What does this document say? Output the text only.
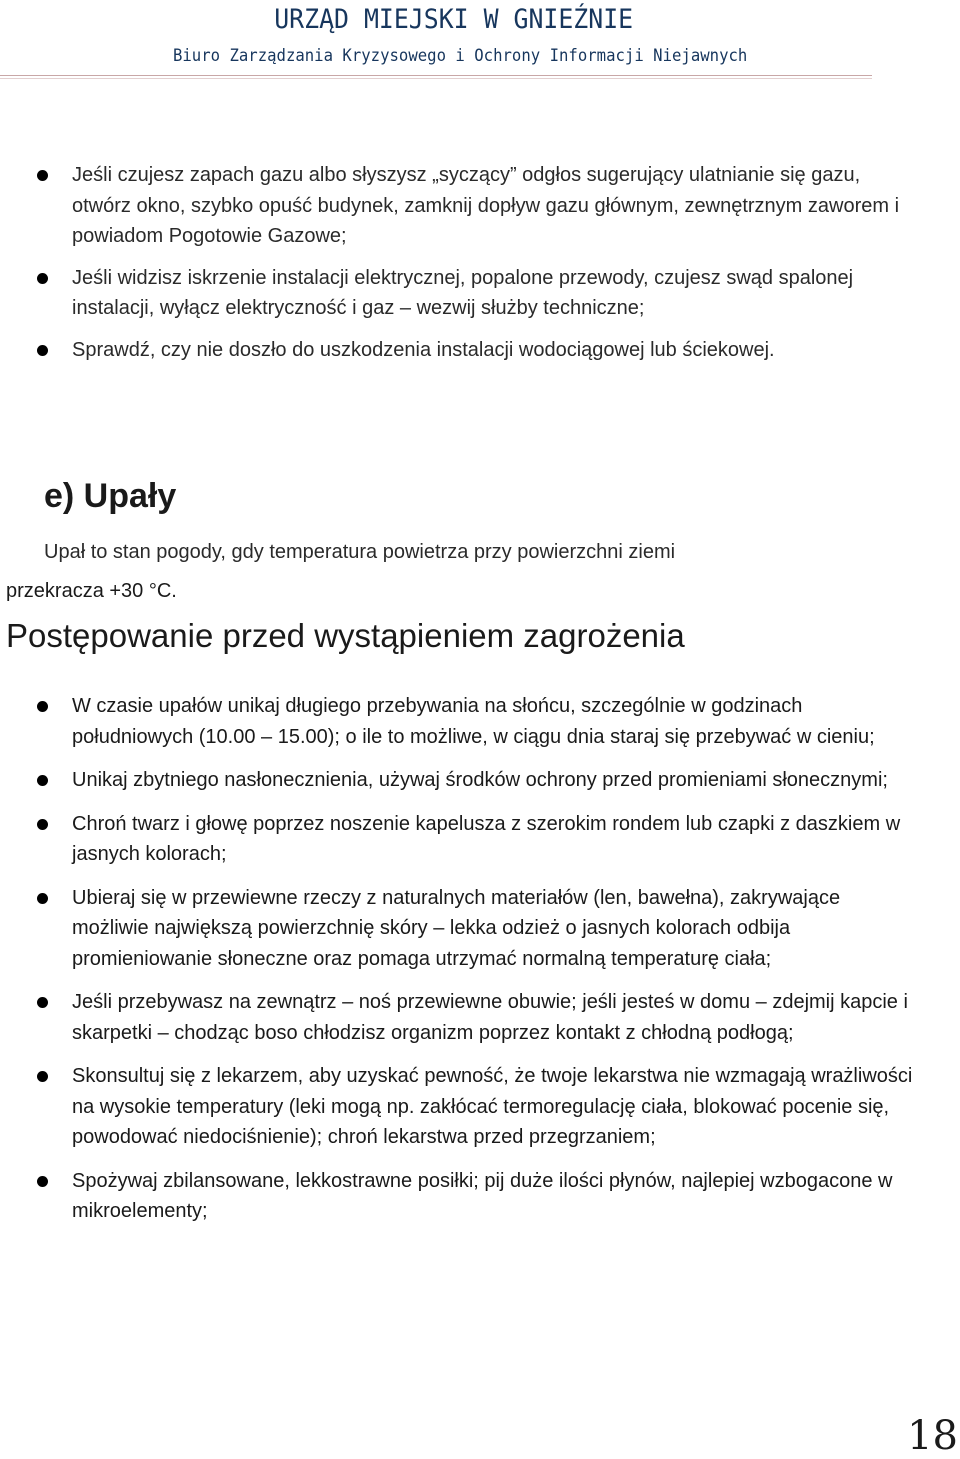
URZĄD MIEJSKI W GNIEŹNIE
Biuro Zarządzania Kryzysowego i Ochrony Informacji Niejawnych
Jeśli czujesz zapach gazu albo słyszysz „syczący” odgłos sugerujący ulatnianie się gazu, otwórz okno, szybko opuść budynek, zamknij dopływ gazu głównym, zewnętrznym zaworem i powiadom Pogotowie Gazowe;
Jeśli widzisz iskrzenie instalacji elektrycznej, popalone przewody, czujesz swąd spalonej instalacji, wyłącz elektryczność i gaz – wezwij służby techniczne;
Sprawdź, czy nie doszło do uszkodzenia instalacji wodociągowej lub ściekowej.
e) Upały
Upał to stan pogody, gdy temperatura powietrza przy powierzchni ziemi
przekracza +30 °C.
Postępowanie przed wystąpieniem zagrożenia
W czasie upałów unikaj długiego przebywania na słońcu, szczególnie w godzinach południowych (10.00 – 15.00); o ile to możliwe, w ciągu dnia staraj się przebywać w cieniu;
Unikaj zbytniego nasłonecznienia, używaj środków ochrony przed promieniami słonecznymi;
Chroń twarz i głowę poprzez noszenie kapelusza z szerokim rondem lub czapki z daszkiem w jasnych kolorach;
Ubieraj się w przewiewne rzeczy z naturalnych materiałów (len, bawełna), zakrywające możliwie największą powierzchnię skóry – lekka odzież o jasnych kolorach odbija promieniowanie słoneczne oraz pomaga utrzymać normalną temperaturę ciała;
Jeśli przebywasz na zewnątrz – noś przewiewne obuwie; jeśli jesteś w domu – zdejmij kapcie i skarpetki – chodząc boso chłodzisz organizm poprzez kontakt z chłodną podłogą;
Skonsultuj się z lekarzem, aby uzyskać pewność, że twoje lekarstwa nie wzmagają wrażliwości na wysokie temperatury (leki mogą np. zakłócać termoregulację ciała, blokować pocenie się, powodować niedociśnienie); chroń lekarstwa przed przegrzaniem;
Spożywaj zbilansowane, lekkostrawne posiłki; pij duże ilości płynów, najlepiej wzbogacone w mikroelementy;
18
